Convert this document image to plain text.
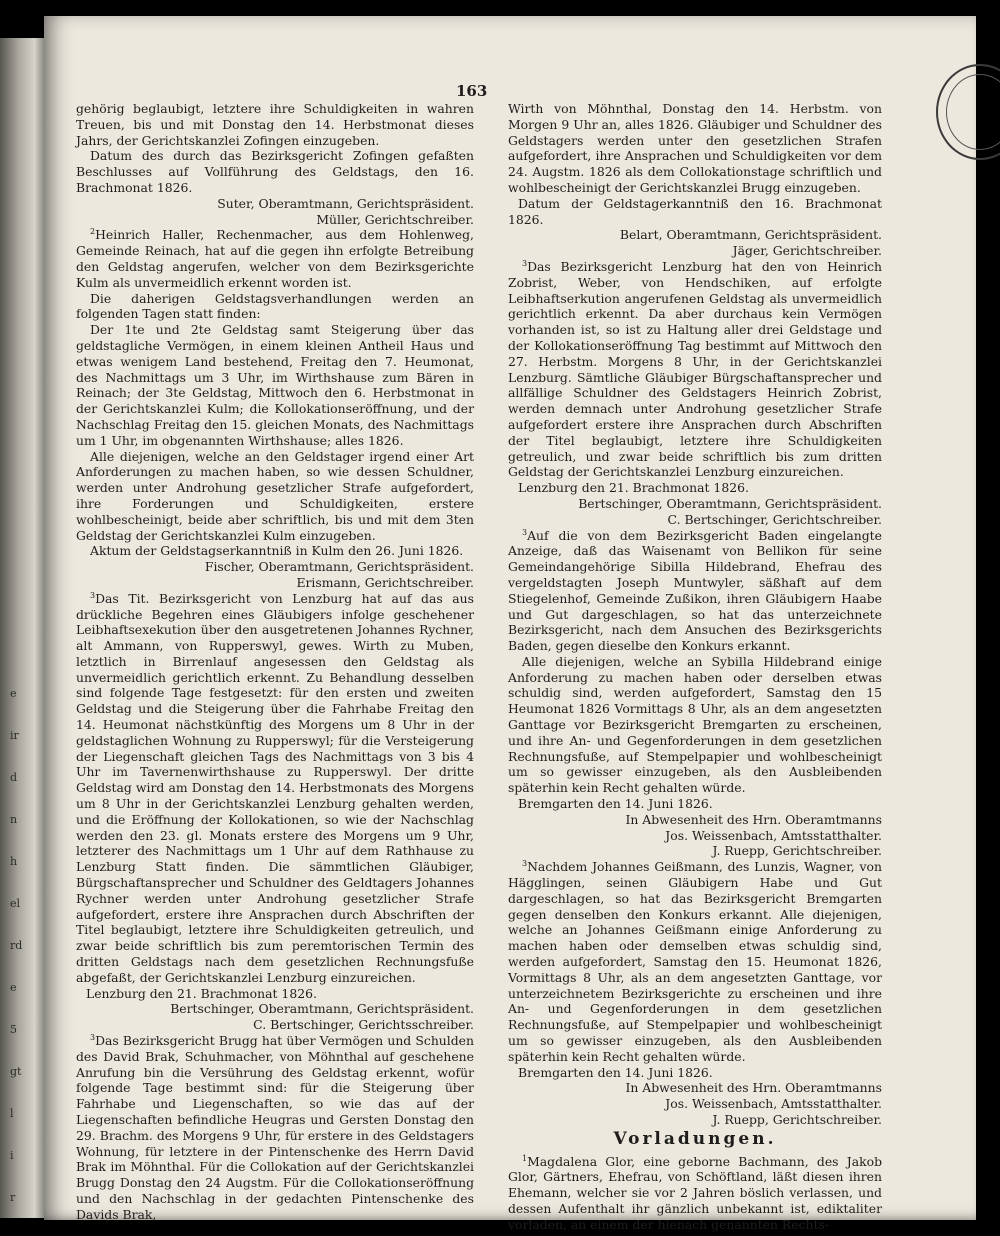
e
ir
d
n
h
el
rd
e
5
gt
l
i
r
163

gehörig beglaubigt, letztere ihre Schuldigkeiten in wahren Treuen, bis und mit Donstag den 14. Herbstmonat dieses Jahrs, der Gerichtskanzlei Zofingen einzugeben.

Datum des durch das Bezirksgericht Zofingen gefaßten Beschlusses auf Vollführung des Geldstags, den 16. Brachmonat 1826.

Suter, Oberamtmann, Gerichtspräsident.

Müller, Gerichtschreiber.

$^2$Heinrich Haller, Rechenmacher, aus dem Hohlenweg, Gemeinde Reinach, hat auf die gegen ihn erfolgte Betreibung den Geldstag angerufen, welcher von dem Bezirksgerichte Kulm als unvermeidlich erkennt worden ist.

Die daherigen Geldstagsverhandlungen werden an folgenden Tagen statt finden:

Der 1te und 2te Geldstag samt Steigerung über das geldstagliche Vermögen, in einem kleinen Antheil Haus und etwas wenigem Land bestehend, Freitag den 7. Heumonat, des Nachmittags um 3 Uhr, im Wirthshause zum Bären in Reinach; der 3te Geldstag, Mittwoch den 6. Herbstmonat in der Gerichtskanzlei Kulm; die Kollokationseröffnung, und der Nachschlag Freitag den 15. gleichen Monats, des Nachmittags um 1 Uhr, im obgenannten Wirthshause; alles 1826.

Alle diejenigen, welche an den Geldstager irgend einer Art Anforderungen zu machen haben, so wie dessen Schuldner, werden unter Androhung gesetzlicher Strafe aufgefordert, ihre Forderungen und Schuldigkeiten, erstere wohlbescheinigt, beide aber schriftlich, bis und mit dem 3ten Geldstag der Gerichtskanzlei Kulm einzugeben.

Aktum der Geldstagserkanntniß in Kulm den 26. Juni 1826.

Fischer, Oberamtmann, Gerichtspräsident.

Erismann, Gerichtschreiber.

$^3$Das Tit. Bezirksgericht von Lenzburg hat auf das aus drückliche Begehren eines Gläubigers infolge geschehener Leibhaftsexekution über den ausgetretenen Johannes Rychner, alt Ammann, von Rupperswyl, gewes. Wirth zu Muben, letztlich in Birrenlauf angesessen den Geldstag als unvermeidlich gerichtlich erkennt. Zu Behandlung desselben sind folgende Tage festgesetzt: für den ersten und zweiten Geldstag und die Steigerung über die Fahrhabe Freitag den 14. Heumonat nächstkünftig des Morgens um 8 Uhr in der geldstaglichen Wohnung zu Rupperswyl; für die Versteigerung der Liegenschaft gleichen Tags des Nachmittags von 3 bis 4 Uhr im Tavernenwirthshause zu Rupperswyl. Der dritte Geldstag wird am Donstag den 14. Herbstmonats des Morgens um 8 Uhr in der Gerichtskanzlei Lenzburg gehalten werden, und die Eröffnung der Kollokationen, so wie der Nachschlag werden den 23. gl. Monats erstere des Morgens um 9 Uhr, letzterer des Nachmittags um 1 Uhr auf dem Rathhause zu Lenzburg Statt finden. Die sämmtlichen Gläubiger, Bürgschaftansprecher und Schuldner des Geldtagers Johannes Rychner werden unter Androhung gesetzlicher Strafe aufgefordert, erstere ihre Ansprachen durch Abschriften der Titel beglaubigt, letztere ihre Schuldigkeiten getreulich, und zwar beide schriftlich bis zum peremtorischen Termin des dritten Geldstags nach dem gesetzlichen Rechnungsfuße abgefaßt, der Gerichtskanzlei Lenzburg einzureichen.

Lenzburg den 21. Brachmonat 1826.

Bertschinger, Oberamtmann, Gerichtspräsident.

C. Bertschinger, Gerichtsschreiber.

$^3$Das Bezirksgericht Brugg hat über Vermögen und Schulden des David Brak, Schuhmacher, von Möhnthal auf geschehene Anrufung bin die Versührung des Geldstag erkennt, wofür folgende Tage bestimmt sind: für die Steigerung über Fahrhabe und Liegenschaften, so wie das auf der Liegenschaften befindliche Heugras und Gersten Donstag den 29. Brachm. des Morgens 9 Uhr, für erstere in des Geldstagers Wohnung, für letztere in der Pintenschenke des Herrn David Brak im Möhnthal. Für die Collokation auf der Gerichtskanzlei Brugg Donstag den 24 Augstm. Für die Collokationseröffnung und den Nachschlag in der gedachten Pintenschenke des Davids Brak,

Wirth von Möhnthal, Donstag den 14. Herbstm. von Morgen 9 Uhr an, alles 1826. Gläubiger und Schuldner des Geldstagers werden unter den gesetzlichen Strafen aufgefordert, ihre Ansprachen und Schuldigkeiten vor dem 24. Augstm. 1826 als dem Collokationstage schriftlich und wohlbescheinigt der Gerichtskanzlei Brugg einzugeben.

Datum der Geldstagerkanntniß den 16. Brachmonat 1826.

Belart, Oberamtmann, Gerichtspräsident.

Jäger, Gerichtschreiber.

$^3$Das Bezirksgericht Lenzburg hat den von Heinrich Zobrist, Weber, von Hendschiken, auf erfolgte Leibhaftserkution angerufenen Geldstag als unvermeidlich gerichtlich erkennt. Da aber durchaus kein Vermögen vorhanden ist, so ist zu Haltung aller drei Geldstage und der Kollokationseröffnung Tag bestimmt auf Mittwoch den 27. Herbstm. Morgens 8 Uhr, in der Gerichtskanzlei Lenzburg. Sämtliche Gläubiger Bürgschaftansprecher und allfällige Schuldner des Geldstagers Heinrich Zobrist, werden demnach unter Androhung gesetzlicher Strafe aufgefordert erstere ihre Ansprachen durch Abschriften der Titel beglaubigt, letztere ihre Schuldigkeiten getreulich, und zwar beide schriftlich bis zum dritten Geldstag der Gerichtskanzlei Lenzburg einzureichen.

Lenzburg den 21. Brachmonat 1826.

Bertschinger, Oberamtmann, Gerichtspräsident.

C. Bertschinger, Gerichtschreiber.

$^3$Auf die von dem Bezirksgericht Baden eingelangte Anzeige, daß das Waisenamt von Bellikon für seine Gemeindangehörige Sibilla Hildebrand, Ehefrau des vergeldstagten Joseph Muntwyler, säßhaft auf dem Stiegelenhof, Gemeinde Zußikon, ihren Gläubigern Haabe und Gut dargeschlagen, so hat das unterzeichnete Bezirksgericht, nach dem Ansuchen des Bezirksgerichts Baden, gegen dieselbe den Konkurs erkannt.

Alle diejenigen, welche an Sybilla Hildebrand einige Anforderung zu machen haben oder derselben etwas schuldig sind, werden aufgefordert, Samstag den 15 Heumonat 1826 Vormittags 8 Uhr, als an dem angesetzten Ganttage vor Bezirksgericht Bremgarten zu erscheinen, und ihre An- und Gegenforderungen in dem gesetzlichen Rechnungsfuße, auf Stempelpapier und wohlbescheinigt um so gewisser einzugeben, als den Ausbleibenden späterhin kein Recht gehalten würde.

Bremgarten den 14. Juni 1826.

In Abwesenheit des Hrn. Oberamtmanns

Jos. Weissenbach, Amtsstatthalter.

J. Ruepp, Gerichtschreiber.

$^3$Nachdem Johannes Geißmann, des Lunzis, Wagner, von Hägglingen, seinen Gläubigern Habe und Gut dargeschlagen, so hat das Bezirksgericht Bremgarten gegen denselben den Konkurs erkannt. Alle diejenigen, welche an Johannes Geißmann einige Anforderung zu machen haben oder demselben etwas schuldig sind, werden aufgefordert, Samstag den 15. Heumonat 1826, Vormittags 8 Uhr, als an dem angesetzten Ganttage, vor unterzeichnetem Bezirksgerichte zu erscheinen und ihre An- und Gegenforderungen in dem gesetzlichen Rechnungsfuße, auf Stempelpapier und wohlbescheinigt um so gewisser einzugeben, als den Ausbleibenden späterhin kein Recht gehalten würde.

Bremgarten den 14. Juni 1826.

In Abwesenheit des Hrn. Oberamtmanns

Jos. Weissenbach, Amtsstatthalter.

J. Ruepp, Gerichtschreiber.

Vorladungen.

$^1$Magdalena Glor, eine geborne Bachmann, des Jakob Glor, Gärtners, Ehefrau, von Schöftland, läßt diesen ihren Ehemann, welcher sie vor 2 Jahren böslich verlassen, und dessen Aufenthalt ihr gänzlich unbekannt ist, ediktaliter vorladen, an einem der hienach genannten Rechts-
